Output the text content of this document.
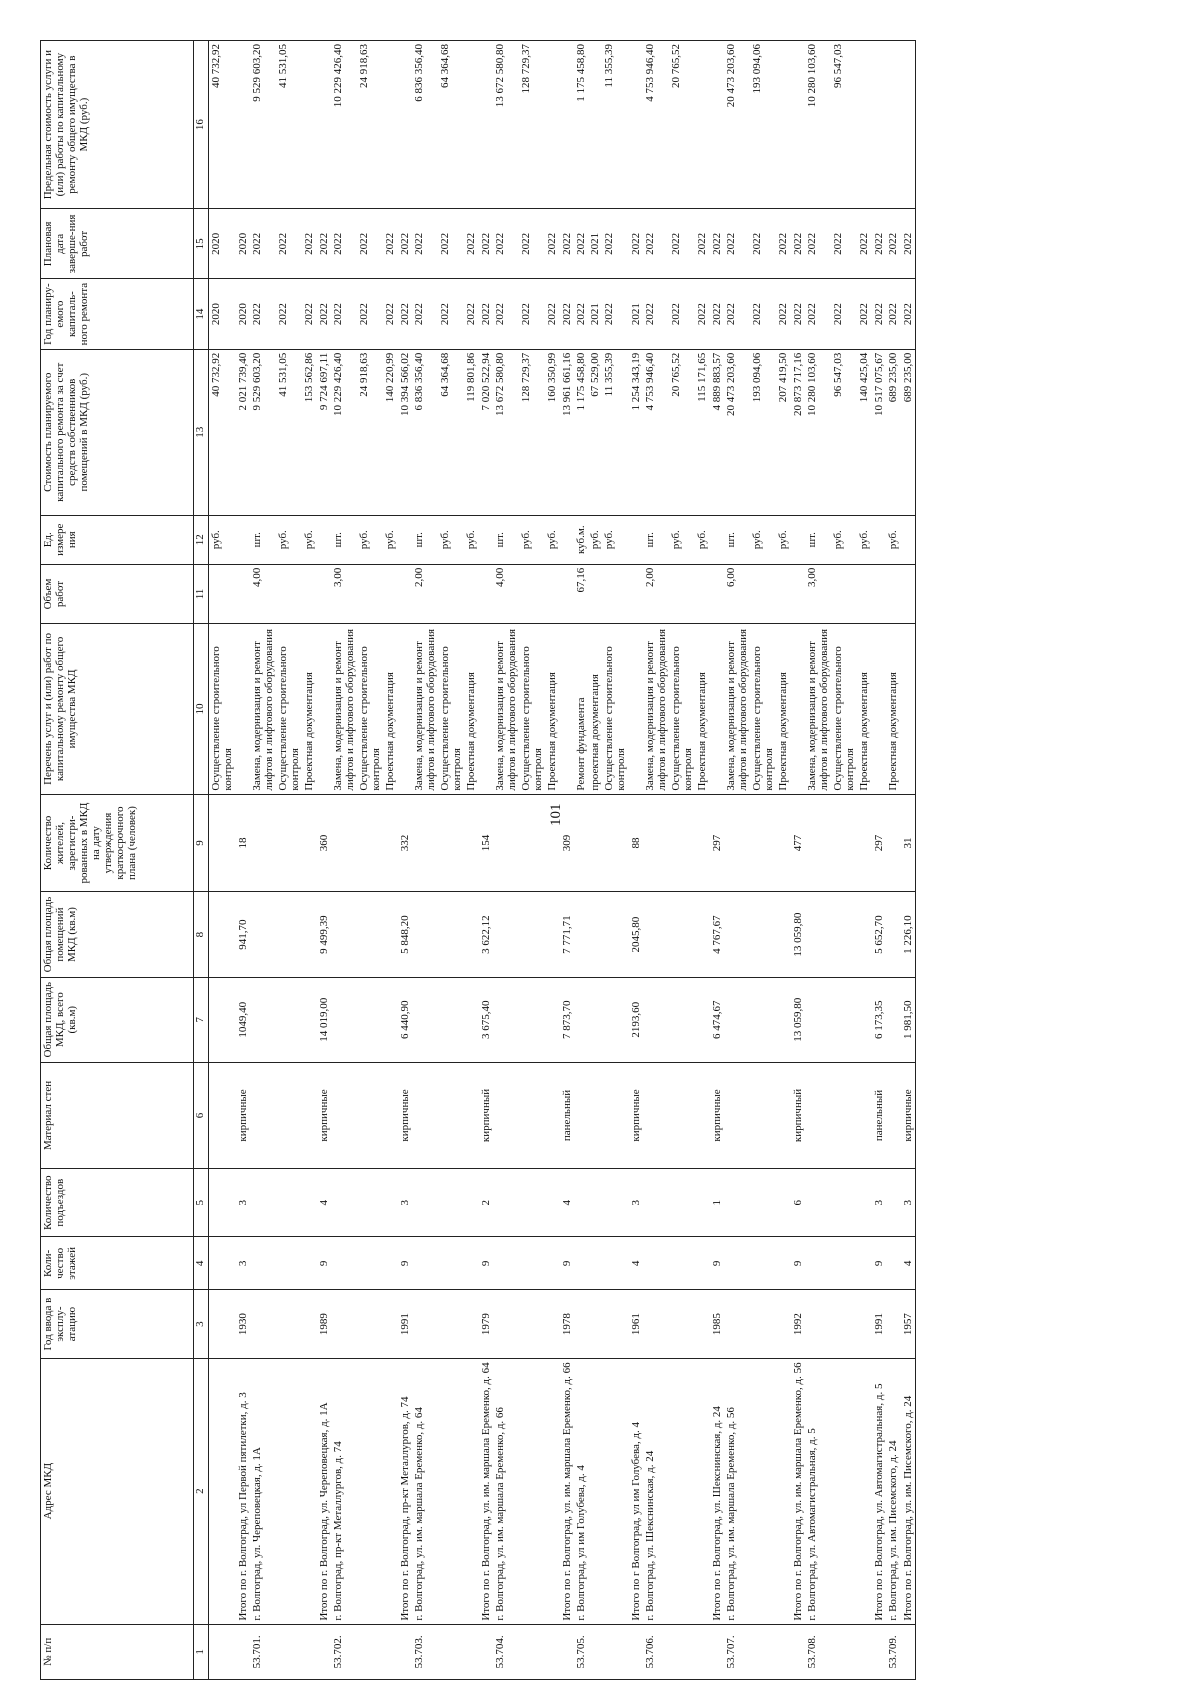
101
№ п/п	Адрес МКД	Год ввода в эксплу-атацию	Коли-чество этажей	Количество подъездов	Материал стен	Общая площадь МКД, всего (кв.м)	Общая площадь помещений МКД (кв.м)	Количество жителей, зарегистри-рованных в МКД на дату утверждения краткосрочного плана (человек)	Перечень услуг и (или) работ по капитальному ремонту общего имущества МКД	Объем работ	Ед. измере ния	Стоимость планируемого капитального ремонта за счет средств собственников помещений в МКД (руб.)	Год планиру-емого капиталь-ного ремонта	Плановая дата заверше-ния работ	Предельная стоимость услуги и (или) работы по капитальному ремонту общего имущества в МКД (руб.)
1	2	3	4	5	6	7	8	9	10	11	12	13	14	15	16
									Осуществление строительного контроля		руб.	40 732,92	2020	2020	40 732,92
	Итого по г. Волгоград, ул Первой пятилетки, д. 3	1930	3	3	кирпичные	1049,40	941,70	18				2 021 739,40	2020	2020	
53.701.	г. Волгоград, ул. Череповецкая, д. 1А								Замена, модернизация и ремонт лифтов и лифтового оборудования	4,00	шт.	9 529 603,20	2022	2022	9 529 603,20
									Осуществление строительного контроля		руб.	41 531,05	2022	2022	41 531,05
									Проектная документация		руб.	153 562,86	2022	2022	
	Итого по г. Волгоград, ул. Череповецкая, д. 1А	1989	9	4	кирпичные	14 019,00	9 499,39	360				9 724 697,11	2022	2022	
53.702.	г. Волгоград, пр-кт Металлургов, д. 74								Замена, модернизация и ремонт лифтов и лифтового оборудования	3,00	шт.	10 229 426,40	2022	2022	10 229 426,40
									Осуществление строительного контроля		руб.	24 918,63	2022	2022	24 918,63
									Проектная документация		руб.	140 220,99	2022	2022	
	Итого по г. Волгоград, пр-кт Металлургов, д. 74	1991	9	3	кирпичные	6 440,90	5 848,20	332				10 394 566,02	2022	2022	
53.703.	г. Волгоград, ул. им. маршала Еременко, д. 64								Замена, модернизация и ремонт лифтов и лифтового оборудования	2,00	шт.	6 836 356,40	2022	2022	6 836 356,40
									Осуществление строительного контроля		руб.	64 364,68	2022	2022	64 364,68
									Проектная документация		руб.	119 801,86	2022	2022	
	Итого по г. Волгоград, ул. им. маршала Еременко, д. 64	1979	9	2	кирпичный	3 675,40	3 622,12	154				7 020 522,94	2022	2022	
53.704.	г. Волгоград, ул. им. маршала Еременко, д. 66								Замена, модернизация и ремонт лифтов и лифтового оборудования	4,00	шт.	13 672 580,80	2022	2022	13 672 580,80
									Осуществление строительного контроля		руб.	128 729,37	2022	2022	128 729,37
									Проектная документация		руб.	160 350,99	2022	2022	
	Итого по г. Волгоград, ул. им. маршала Еременко, д. 66	1978	9	4	панельный	7 873,70	7 771,71	309				13 961 661,16	2022	2022	
53.705.	г. Волгоград, ул им Голубева, д. 4								Ремонт фундамента	67,16	куб.м.	1 175 458,80	2022	2022	1 175 458,80
									проектная документация		руб.	67 529,00	2021	2021	
									Осуществление строительного контроля		руб.	11 355,39	2022	2022	11 355,39
	Итого по г Волгоград, ул им Голубева, д. 4	1961	4	3	кирпичные	2193,60	2045,80	88				1 254 343,19	2021	2022	
53.706.	г. Волгоград, ул. Шекснинская, д. 24								Замена, модернизация и ремонт лифтов и лифтового оборудования	2,00	шт.	4 753 946,40	2022	2022	4 753 946,40
									Осуществление строительного контроля		руб.	20 765,52	2022	2022	20 765,52
									Проектная документация		руб.	115 171,65	2022	2022	
	Итого по г. Волгоград, ул. Шекснинская, д. 24	1985	9	1	кирпичные	6 474,67	4 767,67	297				4 889 883,57	2022	2022	
53.707.	г. Волгоград, ул. им. маршала Еременко, д. 56								Замена, модернизация и ремонт лифтов и лифтового оборудования	6,00	шт.	20 473 203,60	2022	2022	20 473 203,60
									Осуществление строительного контроля		руб.	193 094,06	2022	2022	193 094,06
									Проектная документация		руб.	207 419,50	2022	2022	
	Итого по г. Волгоград, ул. им. маршала Еременко, д. 56	1992	9	6	кирпичный	13 059,80	13 059,80	477				20 873 717,16	2022	2022	
53.708.	г. Волгоград, ул. Автомагистральная, д. 5								Замена, модернизация и ремонт лифтов и лифтового оборудования	3,00	шт.	10 280 103,60	2022	2022	10 280 103,60
									Осуществление строительного контроля		руб.	96 547,03	2022	2022	96 547,03
									Проектная документация		руб.	140 425,04	2022	2022	
	Итого по г. Волгоград, ул. Автомагистральная, д. 5	1991	9	3	панельный	6 173,35	5 652,70	297				10 517 075,67	2022	2022	
53.709.	г. Волгоград, ул. им. Писемского, д. 24								Проектная документация		руб.	689 235,00	2022	2022	
	Итого по г. Волгоград, ул. им. Писемского, д. 24	1957	4	3	кирпичные	1 981,50	1 226,10	31				689 235,00	2022	2022	
